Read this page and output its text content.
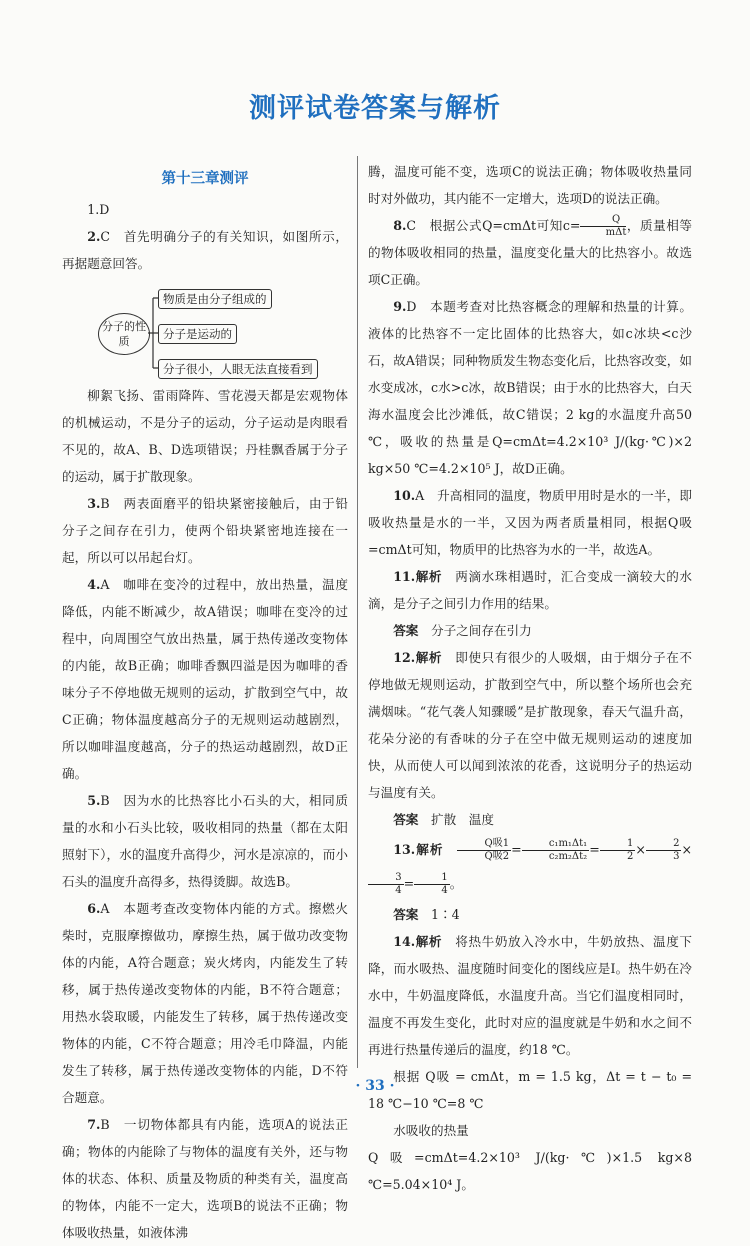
测评试卷答案与解析
第十三章测评

1.D

2.C　首先明确分子的有关知识，如图所示，再据题意回答。

分子的性质
物质是由分子组成的
分子是运动的
分子很小，人眼无法直接看到

柳絮飞扬、雷雨降阵、雪花漫天都是宏观物体的机械运动，不是分子的运动，分子运动是肉眼看不见的，故A、B、D选项错误；丹桂飘香属于分子的运动，属于扩散现象。

3.B　两表面磨平的铅块紧密接触后，由于铅分子之间存在引力，使两个铅块紧密地连接在一起，所以可以吊起台灯。

4.A　咖啡在变冷的过程中，放出热量，温度降低，内能不断减少，故A错误；咖啡在变冷的过程中，向周围空气放出热量，属于热传递改变物体的内能，故B正确；咖啡香飘四溢是因为咖啡的香味分子不停地做无规则的运动，扩散到空气中，故C正确；物体温度越高分子的无规则运动越剧烈，所以咖啡温度越高，分子的热运动越剧烈，故D正确。

5.B　因为水的比热容比小石头的大，相同质量的水和小石头比较，吸收相同的热量（都在太阳照射下），水的温度升高得少，河水是凉凉的，而小石头的温度升高得多，热得烫脚。故选B。

6.A　本题考查改变物体内能的方式。擦燃火柴时，克服摩擦做功，摩擦生热，属于做功改变物体的内能，A符合题意；炭火烤肉，内能发生了转移，属于热传递改变物体的内能，B不符合题意；用热水袋取暖，内能发生了转移，属于热传递改变物体的内能，C不符合题意；用冷毛巾降温，内能发生了转移，属于热传递改变物体的内能，D不符合题意。

7.B　一切物体都具有内能，选项A的说法正确；物体的内能除了与物体的温度有关外，还与物体的状态、体积、质量及物质的种类有关，温度高的物体，内能不一定大，选项B的说法不正确；物体吸收热量，如液体沸

腾，温度可能不变，选项C的说法正确；物体吸收热量同时对外做功，其内能不一定增大，选项D的说法正确。

8.C　根据公式Q=cmΔt可知$c= \frac{Q}{\text{mΔt}}$ ，质量相等的物体吸收相同的热量，温度变化量大的比热容小。故选项C正确。

9.D　本题考查对比热容概念的理解和热量的计算。液体的比热容不一定比固体的比热容大，如c冰块<c沙石，故A错误；同种物质发生物态变化后，比热容改变，如水变成冰，c水>c冰，故B错误；由于水的比热容大，白天海水温度会比沙滩低，故C错误；2 kg的水温度升高50 ℃，吸收的热量是Q=cmΔt=4.2×10³ J/(kg·℃)×2 kg×50 ℃=4.2×10⁵ J，故D正确。

10.A　升高相同的温度，物质甲用时是水的一半，即吸收热量是水的一半，又因为两者质量相同，根据Q吸=cmΔt可知，物质甲的比热容为水的一半，故选A。

11.解析　 两滴水珠相遇时，汇合变成一滴较大的水滴，是分子之间引力作用的结果。

答案　 分子之间存在引力

12.解析　 即使只有很少的人吸烟，由于烟分子在不停地做无规则运动，扩散到空气中，所以整个场所也会充满烟味。“花气袭人知骤暖”是扩散现象，春天气温升高，花朵分泌的有香味的分子在空中做无规则运动的速度加快，从而使人可以闻到浓浓的花香，这说明分子的热运动与温度有关。

答案　 扩散　温度

13.解析　 $\frac{\text{Q吸1}}{\text{Q吸2}} = \frac{\text{c₁m₁Δt₁}}{\text{c₂m₂Δt₂}} = \frac{1}{2} \times \frac{2}{3}$ ×
$\frac{3}{4} = \frac{1}{4}$ 。

答案　 1∶4

14.解析　 将热牛奶放入冷水中，牛奶放热、温度下降，而水吸热、温度随时间变化的图线应是Ⅰ。热牛奶在冷水中，牛奶温度降低，水温度升高。当它们温度相同时，温度不再发生变化，此时对应的温度就是牛奶和水之间不再进行热量传递后的温度，约18 ℃。

根据 Q吸 = cmΔt，m = 1.5 kg，Δt = t − t₀ = 18 ℃−10 ℃=8 ℃

水吸收的热量

Q吸=cmΔt=4.2×10³ J/(kg·℃)×1.5 kg×8 ℃=5.04×10⁴ J。

· 33 ·
